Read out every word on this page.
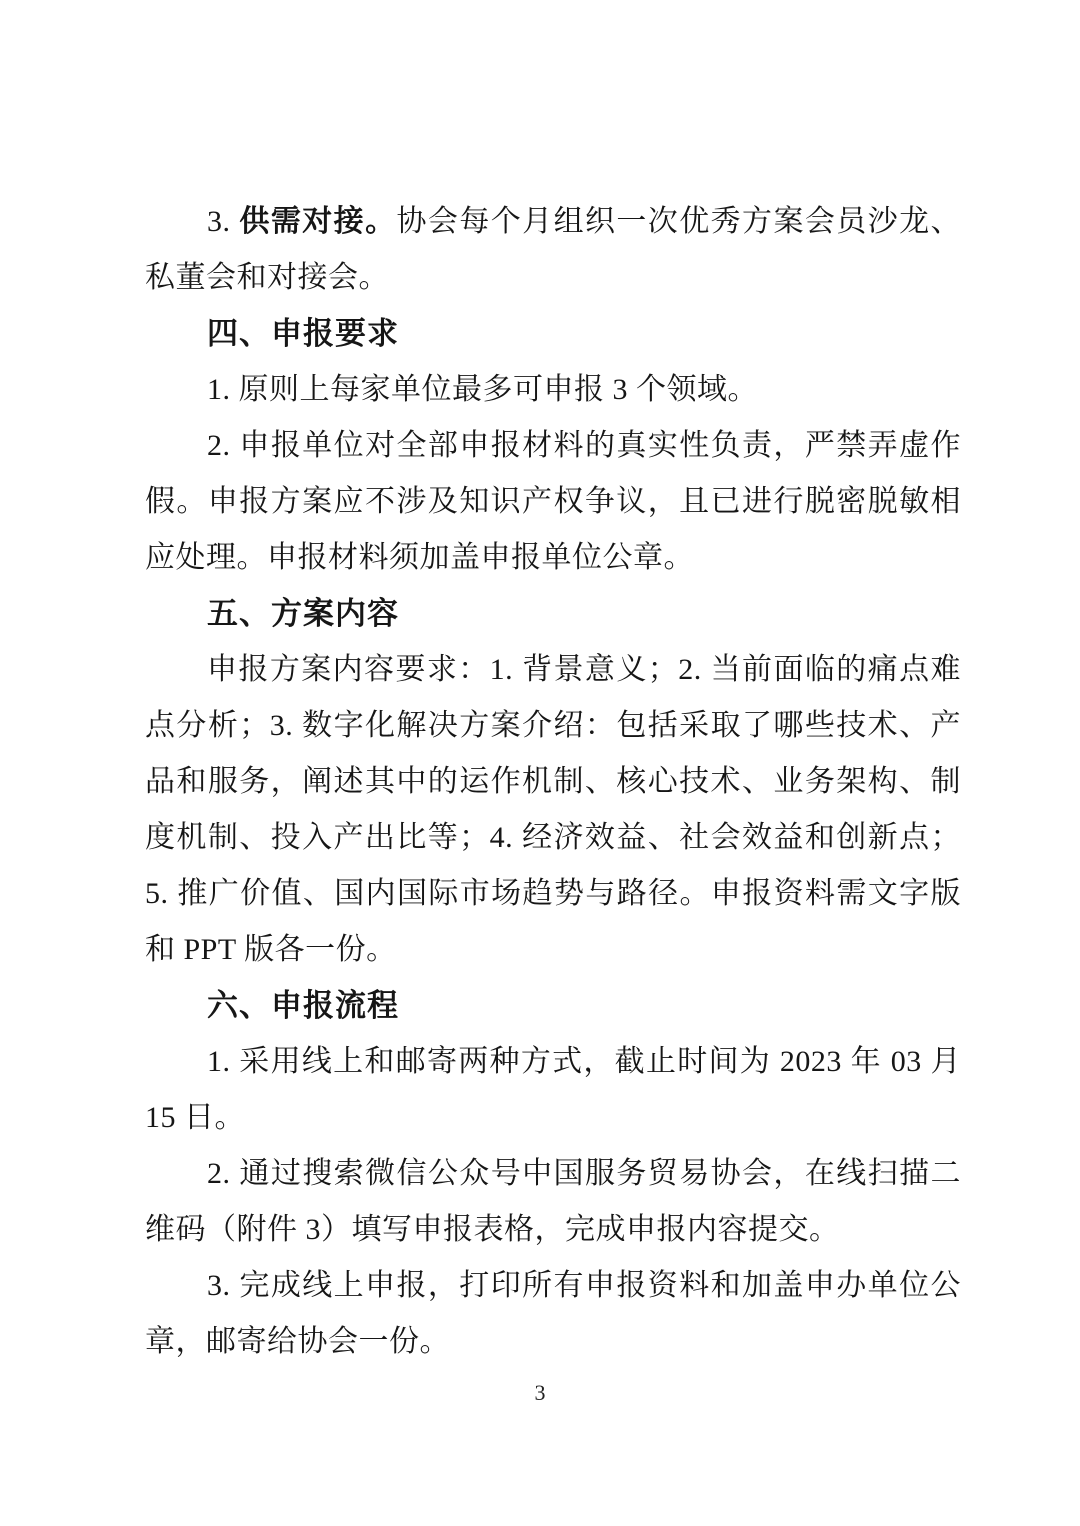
3. 供需对接。协会每个月组织一次优秀方案会员沙龙、私董会和对接会。

四、申报要求

1. 原则上每家单位最多可申报 3 个领域。

2. 申报单位对全部申报材料的真实性负责，严禁弄虚作假。申报方案应不涉及知识产权争议，且已进行脱密脱敏相应处理。申报材料须加盖申报单位公章。

五、方案内容

申报方案内容要求：1. 背景意义；2. 当前面临的痛点难点分析；3. 数字化解决方案介绍：包括采取了哪些技术、产品和服务，阐述其中的运作机制、核心技术、业务架构、制度机制、投入产出比等；4. 经济效益、社会效益和创新点；5. 推广价值、国内国际市场趋势与路径。申报资料需文字版和 PPT 版各一份。

六、申报流程

1. 采用线上和邮寄两种方式，截止时间为 2023 年 03 月 15 日。

2. 通过搜索微信公众号中国服务贸易协会，在线扫描二维码（附件 3）填写申报表格，完成申报内容提交。

3. 完成线上申报，打印所有申报资料和加盖申办单位公章，邮寄给协会一份。

3
